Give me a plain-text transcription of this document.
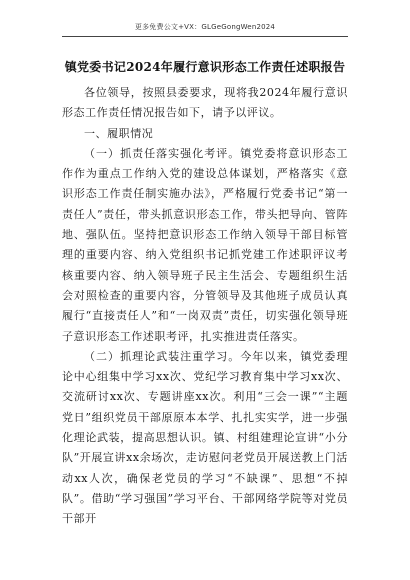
更多免费公文+VX：GLGeGongWen2024
镇党委书记2024年履行意识形态工作责任述职报告

各位领导，按照县委要求，现将我2024年履行意识形态工作责任情况报告如下，请予以评议。

一、履职情况

（一）抓责任落实强化考评。镇党委将意识形态工作作为重点工作纳入党的建设总体谋划，严格落实《意识形态工作责任制实施办法》，严格履行党委书记“第一责任人”责任，带头抓意识形态工作，带头把导向、管阵地、强队伍。坚持把意识形态工作纳入领导干部目标管理的重要内容、纳入党组织书记抓党建工作述职评议考核重要内容、纳入领导班子民主生活会、专题组织生活会对照检查的重要内容，分管领导及其他班子成员认真履行“直接责任人”和“一岗双责”责任，切实强化领导班子意识形态工作述职考评，扎实推进责任落实。

（二）抓理论武装注重学习。今年以来，镇党委理论中心组集中学习xx次、党纪学习教育集中学习xx次、交流研讨xx次、专题讲座xx次。利用“三会一课”“主题党日”组织党员干部原原本本学、扎扎实实学，进一步强化理论武装，提高思想认识。镇、村组建理论宣讲“小分队”开展宣讲xx余场次，走访慰问老党员开展送教上门活动xx人次，确保老党员的学习“不缺课”、思想“不掉队”。借助“学习强国”学习平台、干部网络学院等对党员干部开
